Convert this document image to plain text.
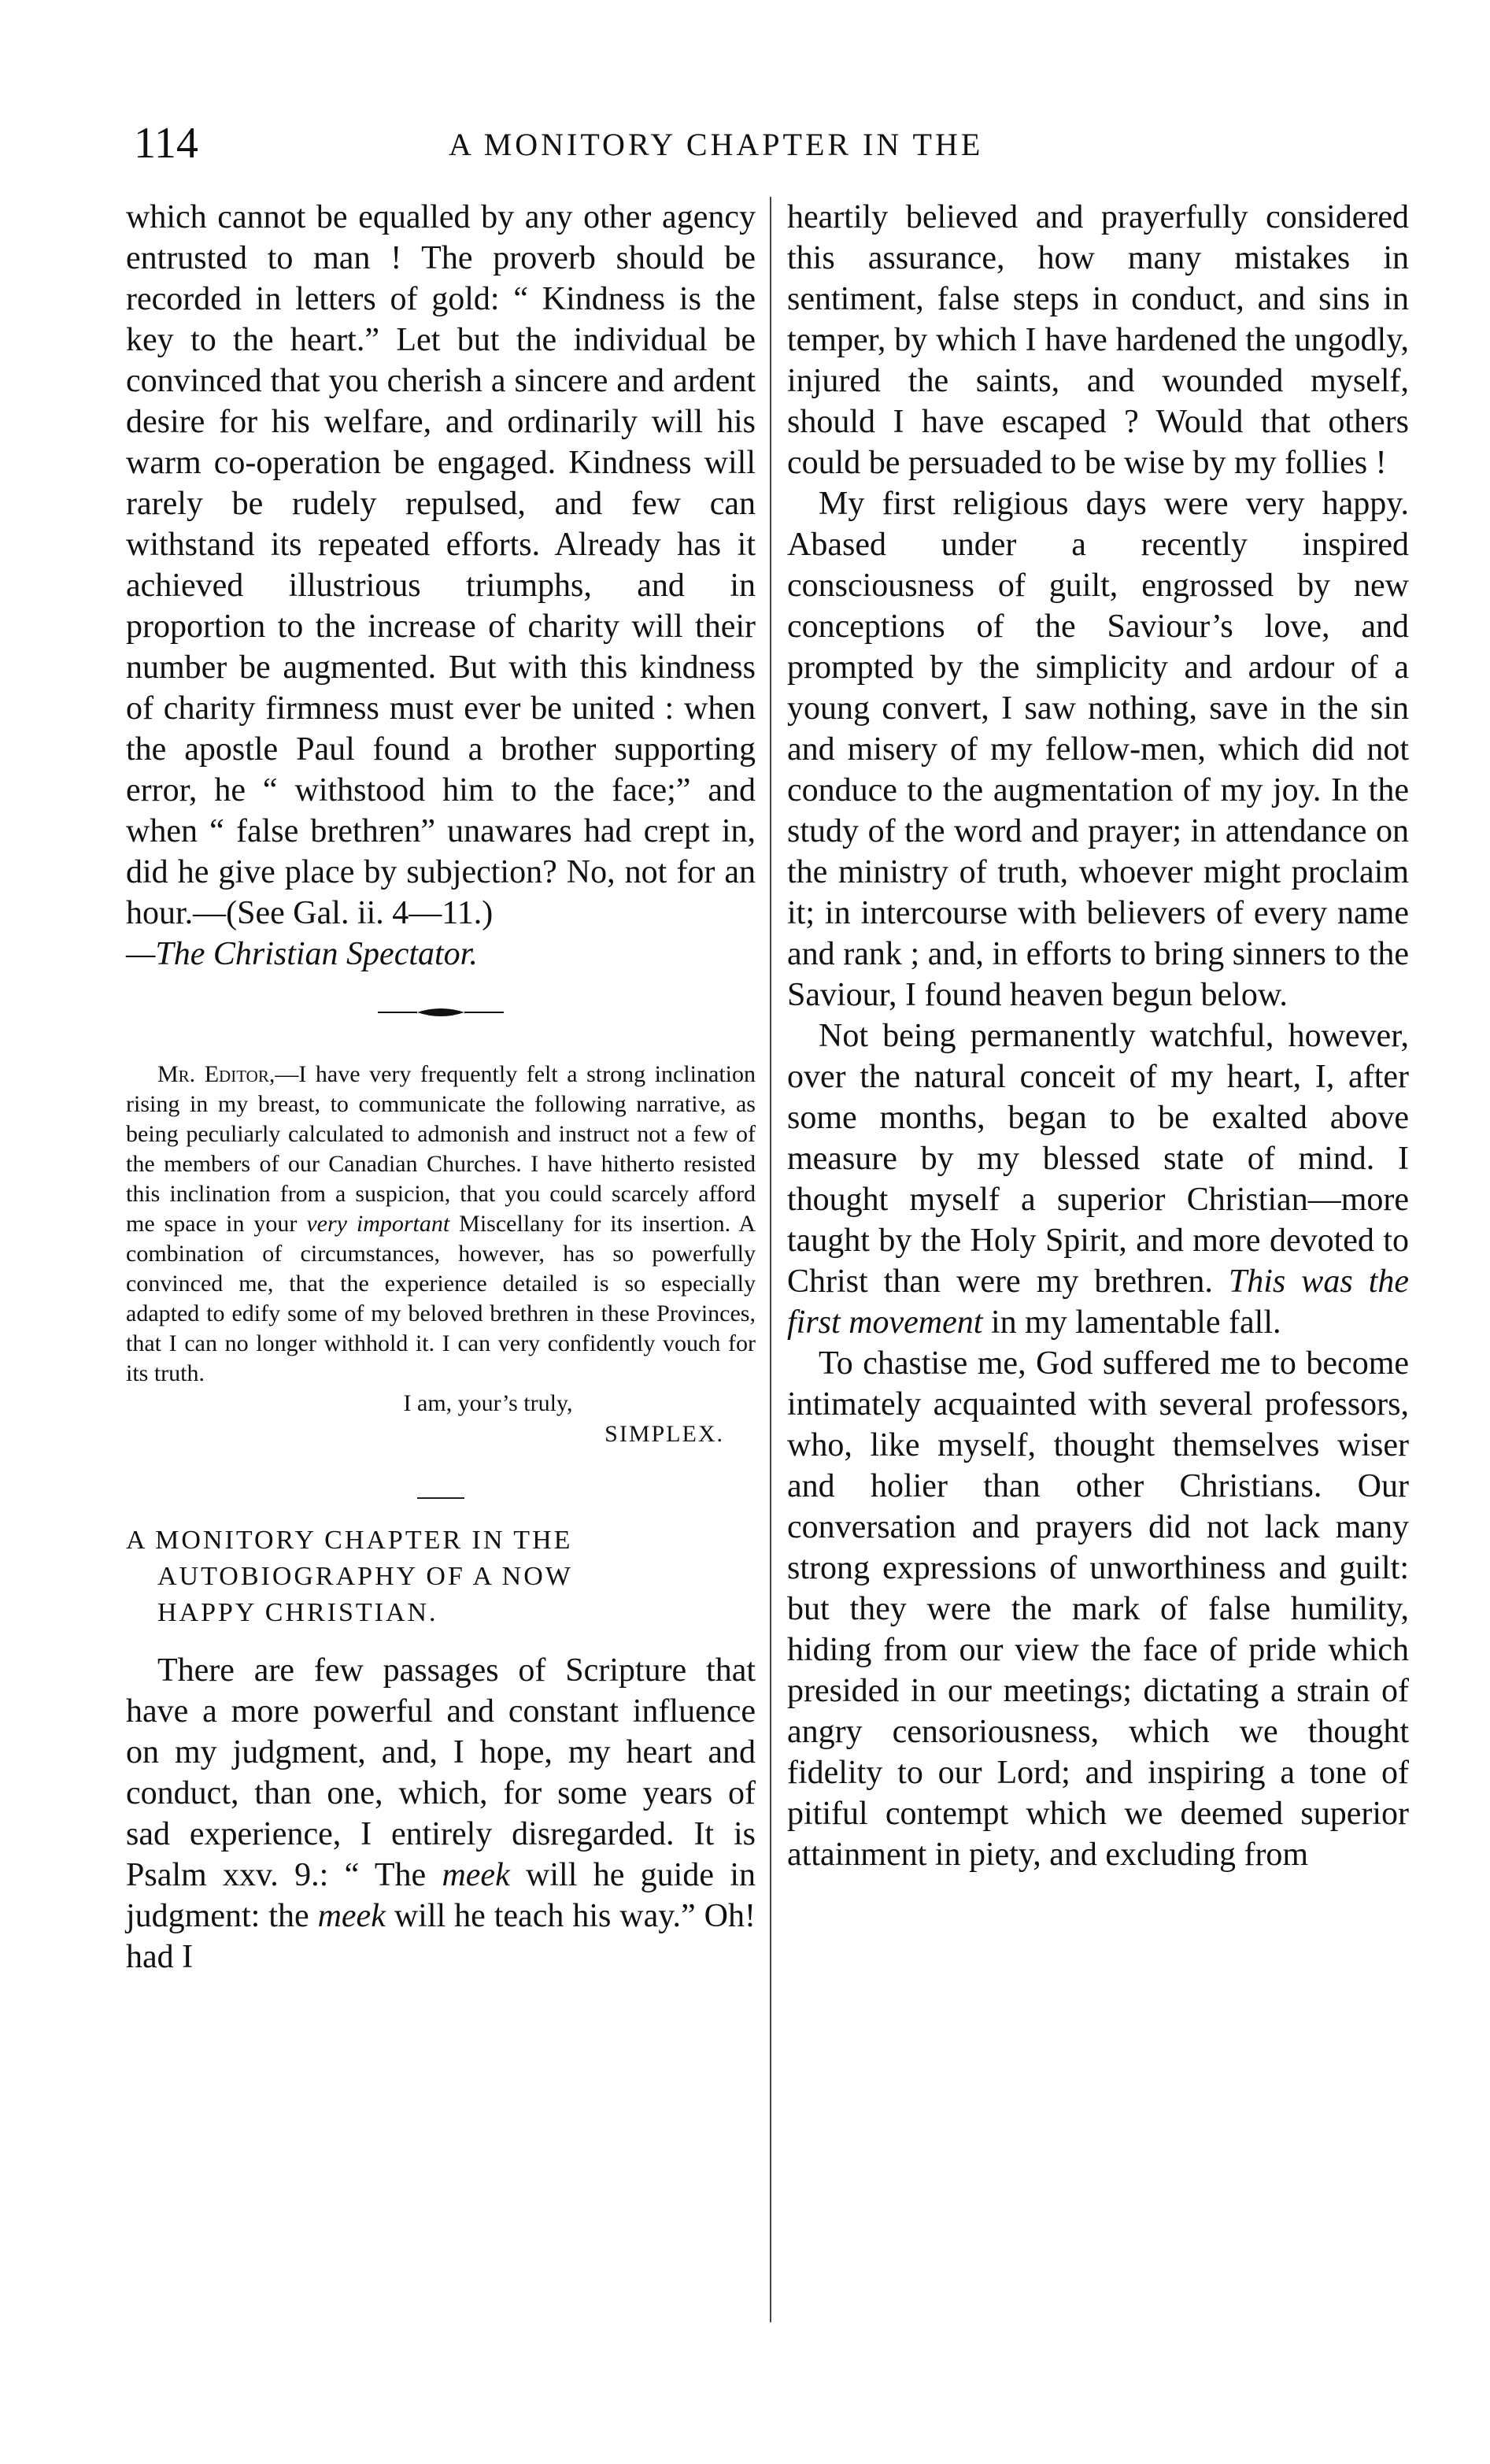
114	A MONITORY CHAPTER IN THE

which cannot be equalled by any other agency entrusted to man ! The proverb should be recorded in letters of gold: “ Kindness is the key to the heart.” Let but the individual be convinced that you cherish a sincere and ardent desire for his welfare, and ordinarily will his warm co-operation be engaged. Kindness will rarely be rudely repulsed, and few can withstand its repeated efforts. Already has it achieved illustrious triumphs, and in proportion to the increase of charity will their number be augmented. But with this kindness of charity firmness must ever be united : when the apostle Paul found a brother supporting error, he “ withstood him to the face;” and when “ false brethren” unawares had crept in, did he give place by subjection? No, not for an hour.—(See Gal. ii. 4—11.)

—The Christian Spectator.

Mr. Editor,—I have very frequently felt a strong inclination rising in my breast, to communicate the following narrative, as being peculiarly calculated to admonish and instruct not a few of the members of our Canadian Churches. I have hitherto resisted this inclination from a suspicion, that you could scarcely afford me space in your very important Miscellany for its insertion. A combination of circumstances, however, has so powerfully convinced me, that the experience detailed is so especially adapted to edify some of my beloved brethren in these Provinces, that I can no longer withhold it. I can very confidently vouch for its truth.

I am, your’s truly,
SIMPLEX.
A MONITORY CHAPTER IN THE
AUTOBIOGRAPHY OF A NOW
HAPPY CHRISTIAN.

There are few passages of Scripture that have a more powerful and constant influence on my judgment, and, I hope, my heart and conduct, than one, which, for some years of sad experience, I entirely disregarded. It is Psalm xxv. 9.: “ The meek will he guide in judgment: the meek will he teach his way.” Oh! had I

heartily believed and prayerfully considered this assurance, how many mistakes in sentiment, false steps in conduct, and sins in temper, by which I have hardened the ungodly, injured the saints, and wounded myself, should I have escaped ? Would that others could be persuaded to be wise by my follies !

My first religious days were very happy. Abased under a recently inspired consciousness of guilt, engrossed by new conceptions of the Saviour’s love, and prompted by the simplicity and ardour of a young convert, I saw nothing, save in the sin and misery of my fellow-men, which did not conduce to the augmentation of my joy. In the study of the word and prayer; in attendance on the ministry of truth, whoever might proclaim it; in intercourse with believers of every name and rank ; and, in efforts to bring sinners to the Saviour, I found heaven begun below.

Not being permanently watchful, however, over the natural conceit of my heart, I, after some months, began to be exalted above measure by my blessed state of mind. I thought myself a superior Christian—more taught by the Holy Spirit, and more devoted to Christ than were my brethren. This was the first movement in my lamentable fall.

To chastise me, God suffered me to become intimately acquainted with several professors, who, like myself, thought themselves wiser and holier than other Christians. Our conversation and prayers did not lack many strong expressions of unworthiness and guilt: but they were the mark of false humility, hiding from our view the face of pride which presided in our meetings; dictating a strain of angry censoriousness, which we thought fidelity to our Lord; and inspiring a tone of pitiful contempt which we deemed superior attainment in piety, and excluding from
